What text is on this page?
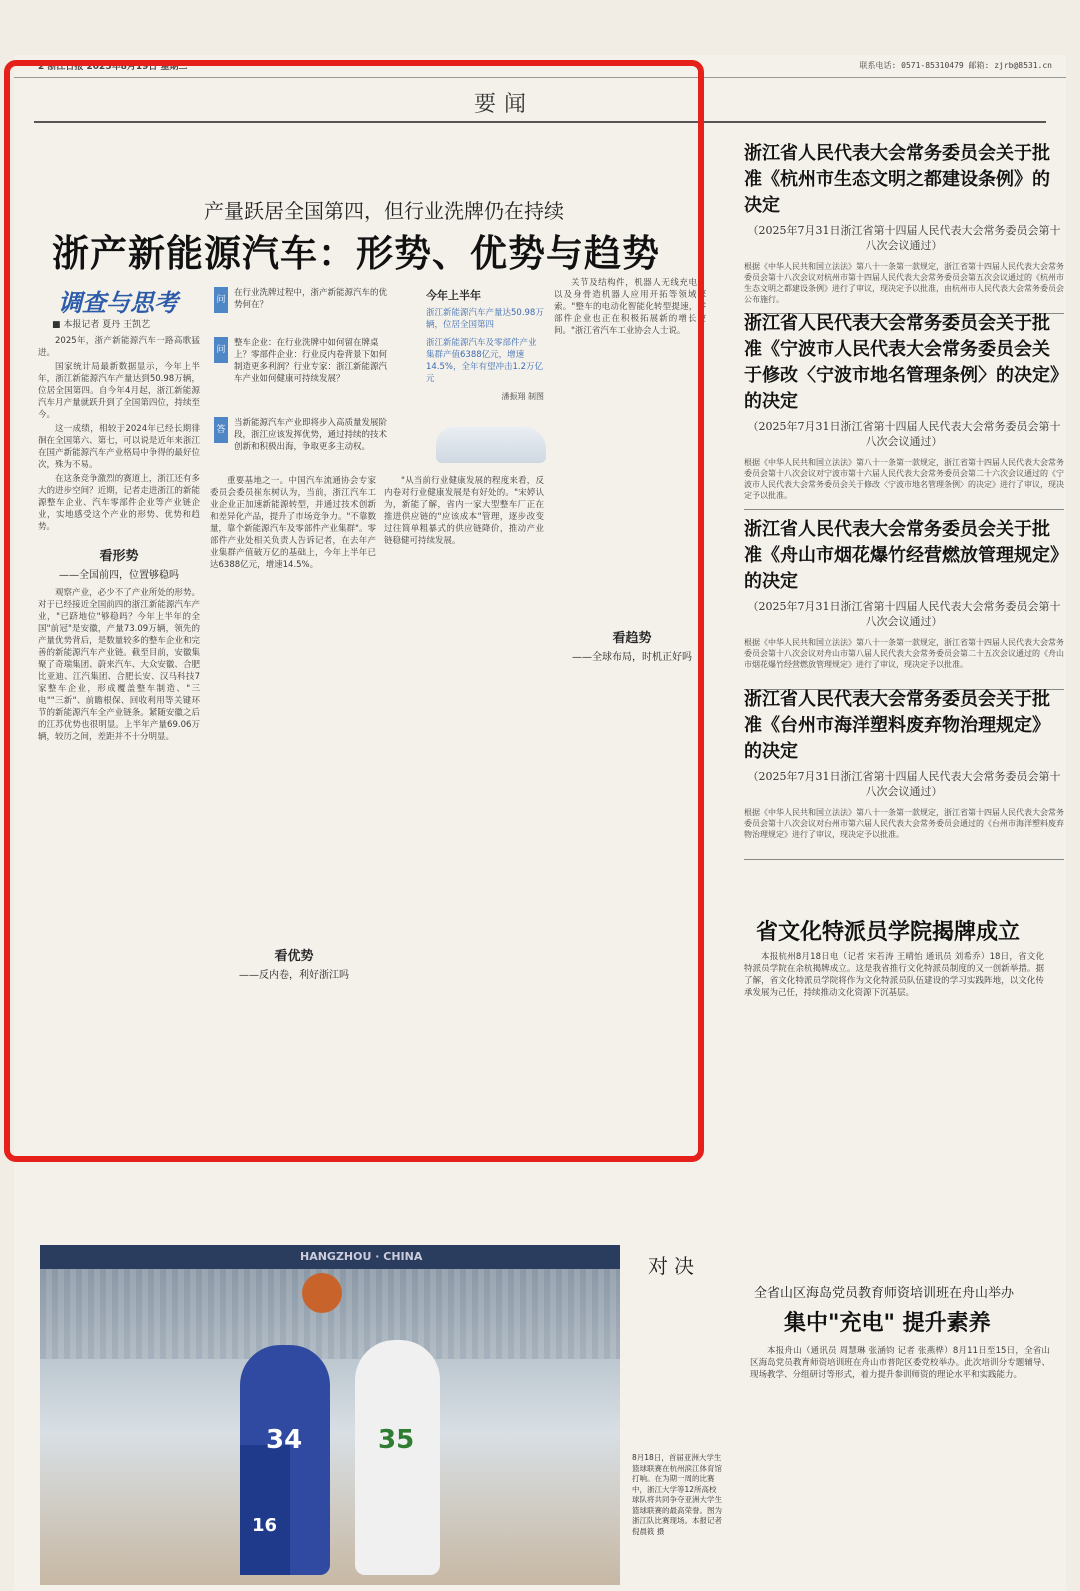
2 浙江日报 2025年8月19日 星期二	联系电话: 0571-85310479 邮箱: zjrb@8531.cn
要闻
产量跃居全国第四，但行业洗牌仍在持续
浙产新能源汽车：形势、优势与趋势
调查与思考
■ 本报记者 夏丹 王凯艺

2025年，浙产新能源汽车一路高歌猛进。

国家统计局最新数据显示，今年上半年，浙江新能源汽车产量达到50.98万辆，位居全国第四。自今年4月起，浙江新能源汽车月产量就跃升到了全国第四位，持续至今。

这一成绩，相较于2024年已经长期徘徊在全国第六、第七，可以说是近年来浙江在国产新能源汽车产业格局中争得的最好位次，殊为不易。

在这条竞争激烈的赛道上，浙江还有多大的进步空间？近期，记者走进浙江的新能源整车企业、汽车零部件企业等产业链企业，实地感受这个产业的形势、优势和趋势。

看形势
——全国前四，位置够稳吗

观察产业，必少不了产业所处的形势。对于已经接近全国前四的浙江新能源汽车产业，"已跻地位"够稳吗？今年上半年的全国"前冠"是安徽，产量73.09万辆，领先的产量优势背后，是数量较多的整车企业和完善的新能源汽车产业链。截至目前，安徽集聚了奇瑞集团、蔚来汽车、大众安徽、合肥比亚迪、江汽集团、合肥长安、汉马科技7家整车企业，形成覆盖整车制造、"三电""三新"、前瞻根保、回收利用等关键环节的新能源汽车全产业链条。紧随安徽之后的江苏优势也很明显。上半年产量69.06万辆，较历之间，差距并不十分明显。

问
在行业洗牌过程中，浙产新能源汽车的优势何在？
问
整车企业：在行业洗牌中如何留在牌桌上？零部件企业：行业反内卷背景下如何制造更多利润？行业专家：浙江新能源汽车产业如何健康可持续发展？
答
当新能源汽车产业即将步入高质量发展阶段，浙江应该发挥优势，通过持续的技术创新和积极出海，争取更多主动权。
今年上半年
浙江新能源汽车产量达50.98万辆，位居全国第四
浙江新能源汽车及零部件产业集群产值6388亿元，增速14.5%，全年有望冲击1.2万亿元
潘振翔 制图

重要基地之一。中国汽车流通协会专家委员会委员崔东树认为，当前，浙江汽车工业企业正加速新能源转型，并通过技术创新和差异化产品，提升了市场竞争力。"不靠数量，靠个新能源汽车及零部件产业集群"。零部件产业处相关负责人告诉记者，在去年产业集群产值破万亿的基础上，今年上半年已达6388亿元，增速14.5%。

看优势
——反内卷，利好浙江吗

"从当前行业健康发展的程度来看，反内卷对行业健康发展是有好处的。"宋婷认为，新能了解，省内一家大型整车厂正在推进供应链的"应该成本"管理，逐步改变过往简单粗暴式的供应链降价，推动产业链稳健可持续发展。

关节及结构件，机器人无线充电，以及身骨造机器人应用开拓等领域探索。"整车的电动化智能化转型提速，零部件企业也正在积极拓展新的增长空间。"浙江省汽车工业协会人士说。

看趋势
——全球布局，时机正好吗
浙江省人民代表大会常务委员会关于批准《杭州市生态文明之都建设条例》的决定
（2025年7月31日浙江省第十四届人民代表大会常务委员会第十八次会议通过）
根据《中华人民共和国立法法》第八十一条第一款规定，浙江省第十四届人民代表大会常务委员会第十八次会议对杭州市第十四届人民代表大会常务委员会第五次会议通过的《杭州市生态文明之都建设条例》进行了审议，现决定予以批准，由杭州市人民代表大会常务委员会公布施行。
浙江省人民代表大会常务委员会关于批准《宁波市人民代表大会常务委员会关于修改〈宁波市地名管理条例〉的决定》的决定
（2025年7月31日浙江省第十四届人民代表大会常务委员会第十八次会议通过）
根据《中华人民共和国立法法》第八十一条第一款规定，浙江省第十四届人民代表大会常务委员会第十八次会议对宁波市第十六届人民代表大会常务委员会第二十六次会议通过的《宁波市人民代表大会常务委员会关于修改〈宁波市地名管理条例〉的决定》进行了审议，现决定予以批准。
浙江省人民代表大会常务委员会关于批准《舟山市烟花爆竹经营燃放管理规定》的决定
（2025年7月31日浙江省第十四届人民代表大会常务委员会第十八次会议通过）
根据《中华人民共和国立法法》第八十一条第一款规定，浙江省第十四届人民代表大会常务委员会第十八次会议对舟山市第八届人民代表大会常务委员会第二十五次会议通过的《舟山市烟花爆竹经营燃放管理规定》进行了审议，现决定予以批准。
浙江省人民代表大会常务委员会关于批准《台州市海洋塑料废弃物治理规定》的决定
（2025年7月31日浙江省第十四届人民代表大会常务委员会第十八次会议通过）
根据《中华人民共和国立法法》第八十一条第一款规定，浙江省第十四届人民代表大会常务委员会第十八次会议对台州市第六届人民代表大会常务委员会通过的《台州市海洋塑料废弃物治理规定》进行了审议，现决定予以批准。
省文化特派员学院揭牌成立

本报杭州8月18日电（记者 宋若涛 王晴怡 通讯员 刘希乔）18日，省文化特派员学院在余杭揭牌成立。这是我省推行文化特派员制度的又一创新举措。据了解，省文化特派员学院将作为文化特派员队伍建设的学习实践阵地，以文化传承发展为己任，持续推动文化资源下沉基层。

HANGZHOU · CHINA
34	35
16
对决
8月18日，首届亚洲大学生篮球联赛在杭州滨江体育馆打响。在为期一周的比赛中，浙江大学等12所高校球队将共同争夺亚洲大学生篮球联赛的最高荣誉。图为浙江队比赛现场。本报记者 倪晨筱 摄
全省山区海岛党员教育师资培训班在舟山举办
集中"充电" 提升素养

本报舟山（通讯员 周慧琳 张涵钧 记者 张燕桦）8月11日至15日，全省山区海岛党员教育师资培训班在舟山市普陀区委党校举办。此次培训分专题辅导、现场教学、分组研讨等形式，着力提升参训师资的理论水平和实践能力。
